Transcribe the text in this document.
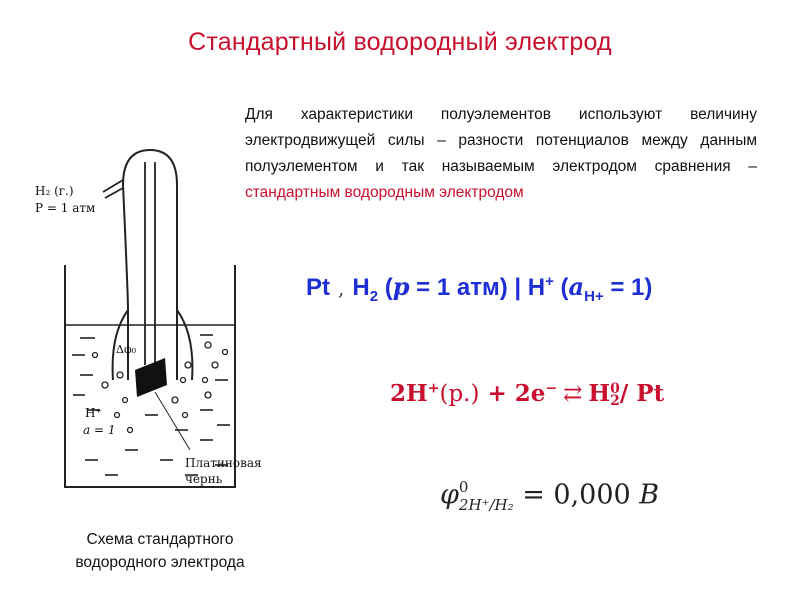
Стандартный водородный электрод
Для характеристики полуэлементов используют величину электродвижущей силы – разности потенциалов между данным полуэлементом и так называемым электродом сравнения – стандартным водородным электродом
Pt , $H_2$ (p = 1 атм) | H+ $(a_{H+} = 1)$
2H+(р.) + 2e− ⇄ H 0
2 / Pt
φ 0
2H⁺/H₂ = 0,000 B
H₂ (г.)
P = 1 атм
Δφ₀
H⁺
a = 1
Платиновая
чернь
Схема стандартного
водородного электрода
